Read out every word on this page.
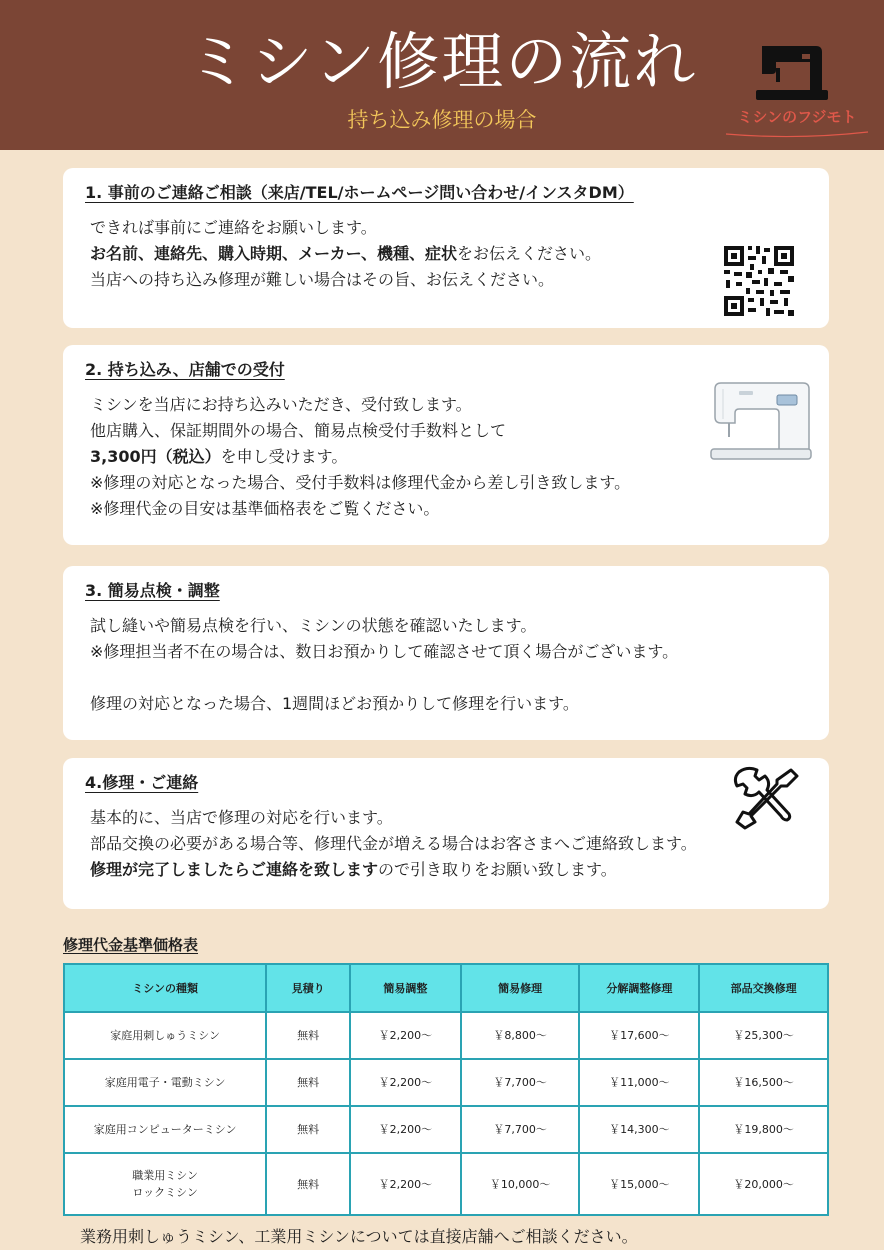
ミシン修理の流れ
持ち込み修理の場合	ミシンのフジモト
1. 事前のご連絡ご相談（来店/TEL/ホームページ問い合わせ/インスタDM）
できれば事前にご連絡をお願いします。
お名前、連絡先、購入時期、メーカー、機種、症状をお伝えください。
当店への持ち込み修理が難しい場合はその旨、お伝えください。
2. 持ち込み、店舗での受付
ミシンを当店にお持ち込みいただき、受付致します。
他店購入、保証期間外の場合、簡易点検受付手数料として
3,300円（税込）を申し受けます。
※修理の対応となった場合、受付手数料は修理代金から差し引き致します。
※修理代金の目安は基準価格表をご覧ください。
3. 簡易点検・調整
試し縫いや簡易点検を行い、ミシンの状態を確認いたします。
※修理担当者不在の場合は、数日お預かりして確認させて頂く場合がございます。
修理の対応となった場合、1週間ほどお預かりして修理を行います。
4.修理・ご連絡
基本的に、当店で修理の対応を行います。
部品交換の必要がある場合等、修理代金が増える場合はお客さまへご連絡致します。
修理が完了しましたらご連絡を致しますので引き取りをお願い致します。
修理代金基準価格表
ミシンの種類	見積り	簡易調整	簡易修理	分解調整修理	部品交換修理
家庭用刺しゅうミシン	無料	￥2,200〜	￥8,800〜	￥17,600〜	￥25,300〜
家庭用電子・電動ミシン	無料	￥2,200〜	￥7,700〜	￥11,000〜	￥16,500〜
家庭用コンピューターミシン	無料	￥2,200〜	￥7,700〜	￥14,300〜	￥19,800〜
職業用ミシン
ロックミシン	無料	￥2,200〜	￥10,000〜	￥15,000〜	￥20,000〜
業務用刺しゅうミシン、工業用ミシンについては直接店舗へご相談ください。
